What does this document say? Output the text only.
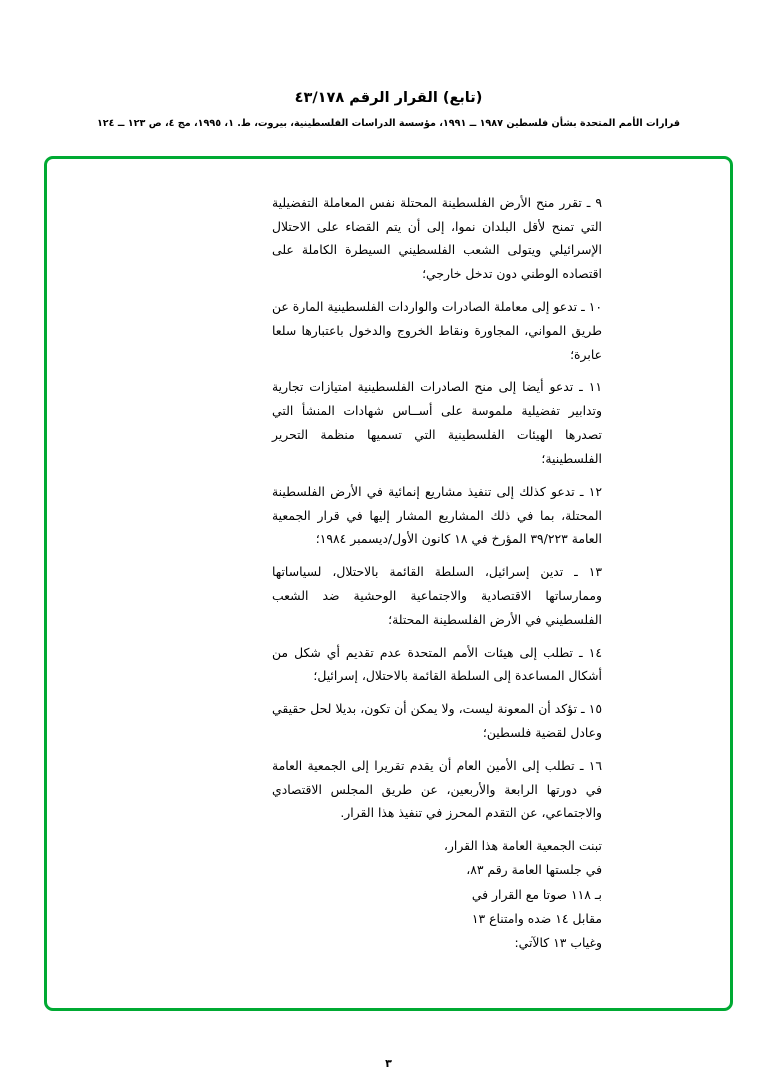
(تابع) القرار الرقم ٤٣/١٧٨
قرارات الأمم المتحدة بشأن فلسطين ١٩٨٧ ــ ١٩٩١، مؤسسة الدراسات الفلسطينية، بيروت، ط. ١، ١٩٩٥، مج ٤، ص ١٢٣ ــ ١٢٤

٩ ـ تقرر منح الأرض الفلسطينة المحتلة نفس المعاملة التفضيلية التي تمنح لأقل البلدان نموا، إلى أن يتم القضاء على الاحتلال الإسرائيلي ويتولى الشعب الفلسطيني السيطرة الكاملة على اقتصاده الوطني دون تدخل خارجي؛

١٠ ـ تدعو إلى معاملة الصادرات والواردات الفلسطينية المارة عن طريق المواني، المجاورة ونقاط الخروج والدخول باعتبارها سلعا عابرة؛

١١ ـ تدعو أيضا إلى منح الصادرات الفلسطينية امتيازات تجارية وتدابير تفضيلية ملموسة على أســاس شهادات المنشأ التي تصدرها الهيئات الفلسطينية التي تسميها منظمة التحرير الفلسطينية؛

١٢ ـ تدعو كذلك إلى تنفيذ مشاريع إنمائية في الأرض الفلسطينة المحتلة، بما في ذلك المشاريع المشار إليها في قرار الجمعية العامة ٣٩/٢٢٣ المؤرخ في ١٨ كانون الأول/ديسمبر ١٩٨٤؛

١٣ ـ تدين إسرائيل، السلطة القائمة بالاحتلال، لسياساتها وممارساتها الاقتصادية والاجتماعية الوحشية ضد الشعب الفلسطيني في الأرض الفلسطينة المحتلة؛

١٤ ـ تطلب إلى هيئات الأمم المتحدة عدم تقديم أي شكل من أشكال المساعدة إلى السلطة القائمة بالاحتلال، إسرائيل؛

١٥ ـ تؤكد أن المعونة ليست، ولا يمكن أن تكون، بديلا لحل حقيقي وعادل لقضية فلسطين؛

١٦ ـ تطلب إلى الأمين العام أن يقدم تقريرا إلى الجمعية العامة في دورتها الرابعة والأربعين، عن طريق المجلس الاقتصادي والاجتماعي، عن التقدم المحرز في تنفيذ هذا القرار.

تبنت الجمعية العامة هذا القرار،
في جلستها العامة رقم ٨٣،
بـ ١١٨ صوتا مع القرار في
مقابل ١٤ ضده وامتناع ١٣
وغياب ١٣ كالآتي:
٣
